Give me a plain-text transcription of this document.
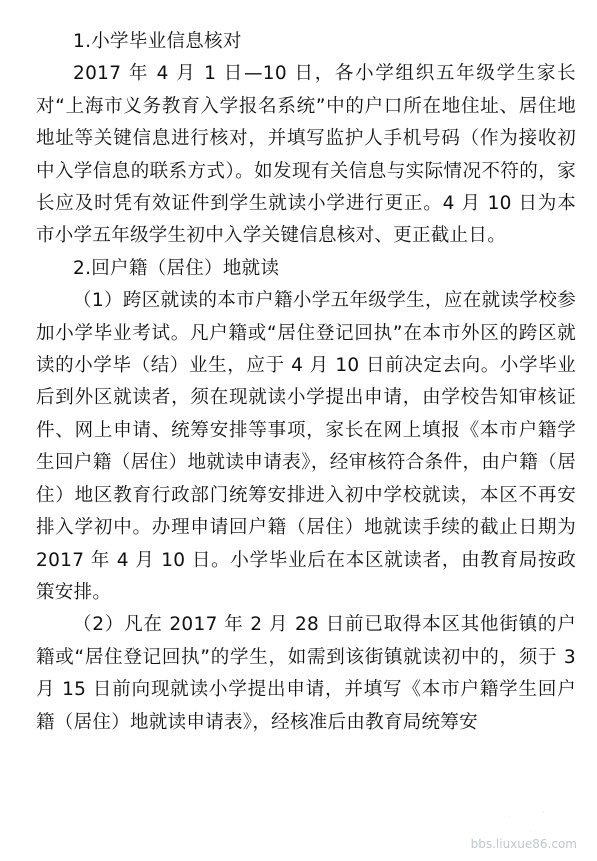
1.小学毕业信息核对

2017 年 4 月 1 日—10 日，各小学组织五年级学生家长对“上海市义务教育入学报名系统”中的户口所在地住址、居住地地址等关键信息进行核对，并填写监护人手机号码（作为接收初中入学信息的联系方式）。如发现有关信息与实际情况不符的，家长应及时凭有效证件到学生就读小学进行更正。4 月 10 日为本市小学五年级学生初中入学关键信息核对、更正截止日。

2.回户籍（居住）地就读

（1）跨区就读的本市户籍小学五年级学生，应在就读学校参加小学毕业考试。凡户籍或“居住登记回执”在本市外区的跨区就读的小学毕（结）业生，应于 4 月 10 日前决定去向。小学毕业后到外区就读者，须在现就读小学提出申请，由学校告知审核证件、网上申请、统筹安排等事项，家长在网上填报《本市户籍学生回户籍（居住）地就读申请表》，经审核符合条件，由户籍（居住）地区教育行政部门统筹安排进入初中学校就读，本区不再安排入学初中。办理申请回户籍（居住）地就读手续的截止日期为 2017 年 4 月 10 日。小学毕业后在本区就读者，由教育局按政策安排。

（2）凡在 2017 年 2 月 28 日前已取得本区其他街镇的户籍或“居住登记回执”的学生，如需到该街镇就读初中的，须于 3 月 15 日前向现就读小学提出申请，并填写《本市户籍学生回户籍（居住）地就读申请表》，经核准后由教育局统筹安

留学网
bbs.liuxue86.com
